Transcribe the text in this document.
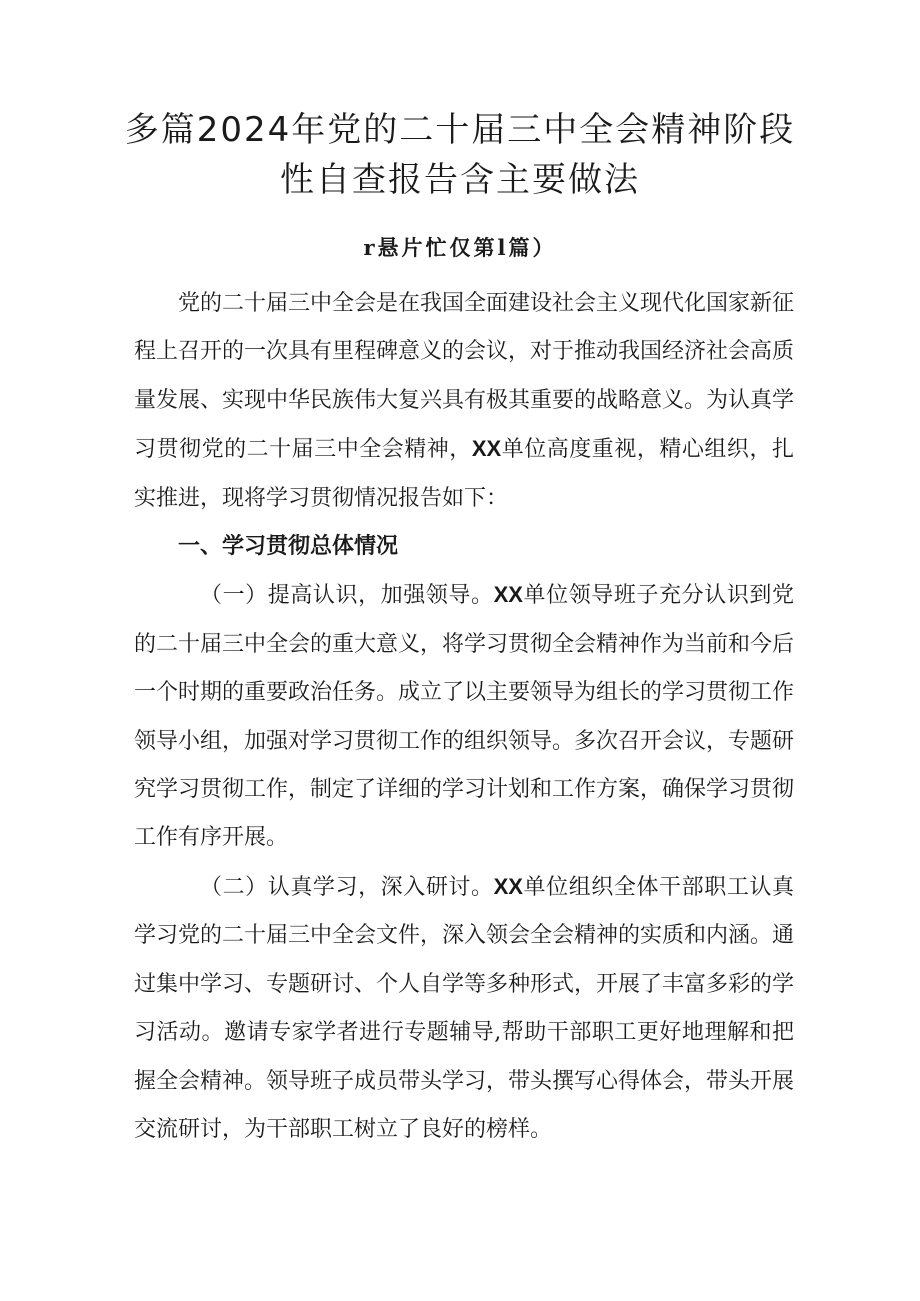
多篇2024年党的二十届三中全会精神阶段
性自查报告含主要做法

r悬片忙仅第l篇）

党的二十届三中全会是在我国全面建设社会主义现代化国家新征程上召开的一次具有里程碑意义的会议，对于推动我国经济社会高质量发展、实现中华民族伟大复兴具有极其重要的战略意义。为认真学习贯彻党的二十届三中全会精神，XX单位高度重视，精心组织，扎实推进，现将学习贯彻情况报告如下：

一、学习贯彻总体情况

（一）提高认识，加强领导。XX单位领导班子充分认识到党的二十届三中全会的重大意义，将学习贯彻全会精神作为当前和今后一个时期的重要政治任务。成立了以主要领导为组长的学习贯彻工作领导小组，加强对学习贯彻工作的组织领导。多次召开会议，专题研究学习贯彻工作，制定了详细的学习计划和工作方案，确保学习贯彻工作有序开展。

（二）认真学习，深入研讨。XX单位组织全体干部职工认真学习党的二十届三中全会文件，深入领会全会精神的实质和内涵。通过集中学习、专题研讨、个人自学等多种形式，开展了丰富多彩的学习活动。邀请专家学者进行专题辅导,帮助干部职工更好地理解和把握全会精神。领导班子成员带头学习，带头撰写心得体会，带头开展交流研讨，为干部职工树立了良好的榜样。
